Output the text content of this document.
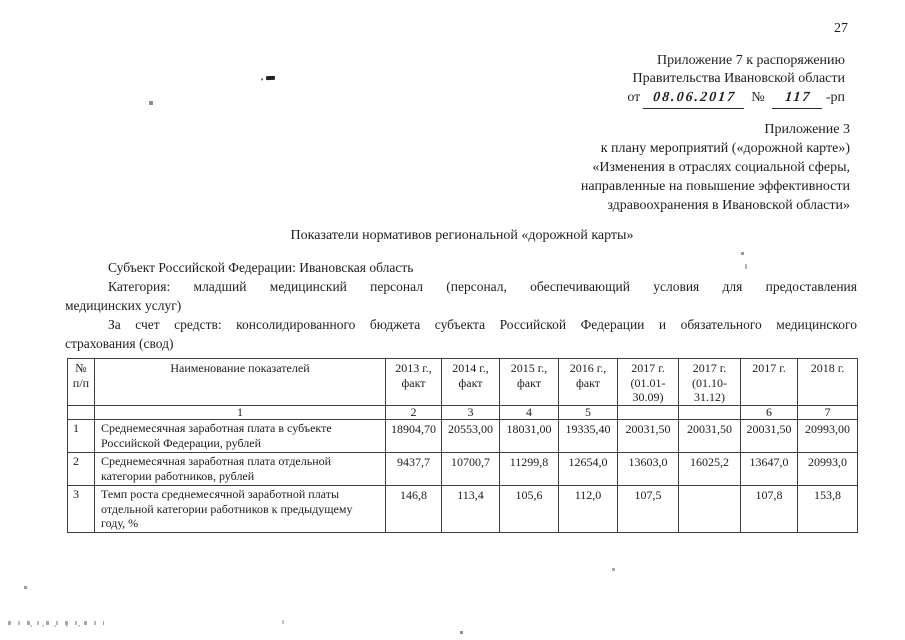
27
Приложение 7 к распоряжению
Правительства Ивановской области
от 08.06.2017 № 117 -рп
Приложение 3
к плану мероприятий («дорожной карте»)
«Изменения в отраслях социальной сферы,
направленные на повышение эффективности
здравоохранения в Ивановской области»
Показатели нормативов региональной «дорожной карты»
Субъект Российской Федерации: Ивановская область
Категория: младший медицинский персонал (персонал, обеспечивающий условия для предоставления
медицинских услуг)
За счет средств: консолидированного бюджета субъекта Российской Федерации и обязательного медицинского
страхования (свод)
№ п/п	Наименование показателей	2013 г., факт	2014 г., факт	2015 г., факт	2016 г., факт	2017 г. (01.01-30.09)	2017 г. (01.10-31.12)	2017 г.	2018 г.
	1	2	3	4	5			6	7
1	Среднемесячная заработная плата в субъекте Российской Федерации, рублей	18904,70	20553,00	18031,00	19335,40	20031,50	20031,50	20031,50	20993,00
2	Среднемесячная заработная плата отдельной категории работников, рублей	9437,7	10700,7	11299,8	12654,0	13603,0	16025,2	13647,0	20993,0
3	Темп роста среднемесячной заработной платы отдельной категории работников к предыдущему году, %	146,8	113,4	105,6	112,0	107,5		107,8	153,8
